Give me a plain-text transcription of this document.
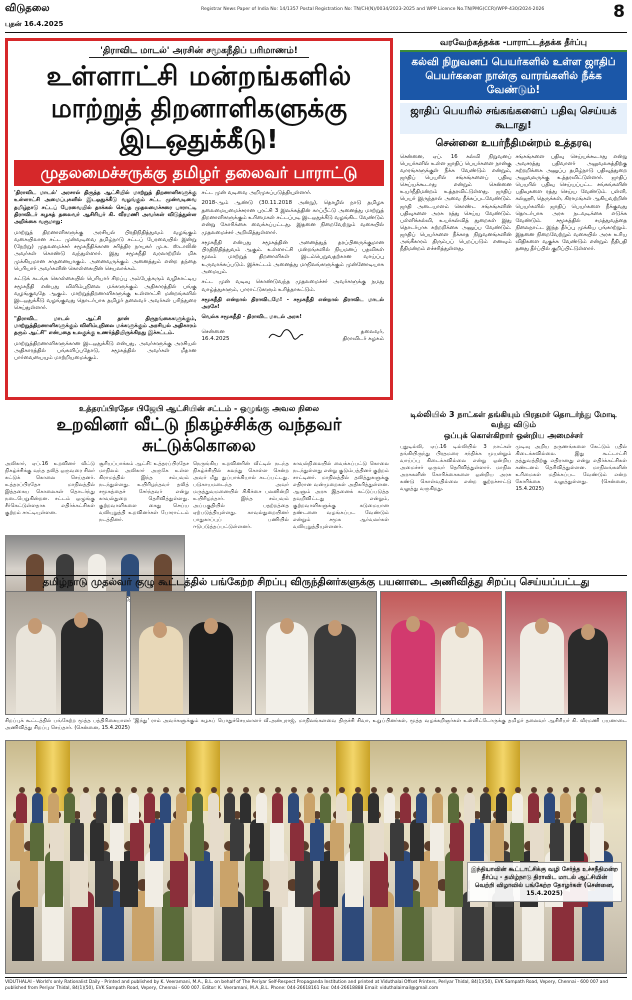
விடுதலை
புதன் 16.4.2025
Registrar News Paper of India No: 14/1357 Postal Registration No: TN/CH(N)/0034/2023-2025 and WPP Licence No.TN/PMG(CCR)/WPP-430/2024-2026	8
'திராவிட மாடல்' அரசின் சமூகநீதிப் பரிமாணம்!
உள்ளாட்சி மன்றங்களில்
மாற்றுத் திறனாளிகளுக்கு இடஒதுக்கீடு!
முதலமைச்சருக்கு தமிழர் தலைவர் பாராட்டு

'திராவிட மாடல்' அரசால் திருத்த ஆட்சியில் மாற்றுத் திறனாளிகளுக்கு உள்ளாட்சி அமைப்புகளில் இடஒதுக்கீடு வழங்கும் சட்ட முன்வடிவை தமிழ்நாடு சட்டப் பேரவையில் தாக்கல் செய்த முதலமைச்சரை பாராட்டி திராவிடர் கழகத் தலைவர் ஆசிரியர் கி. வீரமணி அவர்கள் விடுத்துள்ள அறிக்கை வருமாறு:

மாற்றுத் திறனாளிகளுக்கு அரசியல் பிரதிநிதித்துவம் வழங்கும் வகையிலான சட்ட முன்வடிவை தமிழ்நாடு சட்டப் பேரவையில் இன்று (நேற்று) முதலமைச்சர் சமூகநீதிக்கான சரித்திர நாயகர் மு.க. ஸ்டாலின் அவர்கள் கொண்டு வந்துள்ளார். இது சமூகநீதி வரலாற்றில் மிக முக்கியமான சாதனையாகும். அனைவருக்கும் அனைத்தும் என்ற தந்தை பெரியார் அவர்களின் கொள்கையின் செயலாக்கம்.

கட்டுக் கடங்க கொள்கையில் பெரியார் சிறப்பு அம்பேத்கரும் வழிகாட்டிய சமூகநீதி என்பது விளிம்புநிலை மக்களுக்கும் அதிகாரத்தில் பங்கு வழங்குவதே ஆகும். மாற்றுத்திறனாளிகளுக்கு உள்ளாட்சி மன்றங்களில் இடஒதுக்கீடு வழங்குவது தொடர்பாக தமிழர் தலைவர் அவர்கள் பரிந்துரை செய்துள்ளார்.

"திராவிட மாடல் ஆட்சி தான் திருநங்கைகளுக்கும், மாற்றுத்திறனாளிகளுக்கும் விளிம்புநிலை மக்களுக்கும் அரசியல் அதிகாரம் தரும் ஆட்சி" என்பதை உலகுக்கு உணர்த்தியிருக்கிறது இச்சட்டம்.

மாற்றுத்திறனாளிகளுக்கான இடஒதுக்கீடு என்பது, அவர்களுக்கு அரசியல் அதிகாரத்தில் பங்களிப்பதோடு, சமூகத்தில் அவர்கள் மீதான பார்வையையும் மாற்றியமைக்கும்.

சட்ட முன் வடிவை அறிமுகப்படுத்தியுள்ளார்.

2018-ஆம் ஆண்டு (30.11.2018 அன்று), தொழில் நாடு தமிழக தலைமையமைச்சரான புரட்சி 3 இலக்கத்தின் காப்பீட்டு அனைத்து மாற்றுத் திறனாளிகளுக்கும் உரிமைகள் சட்டப்படி இடஒதுக்கீடு வழங்கிட வேண்டும் என்று கோரிக்கை வைக்கப்பட்டது. இதனை நிறைவேற்றும் வகையில் முதலமைச்சர் அறிவித்துள்ளார்.

சமூகநீதி என்பது சமூகத்தின் அனைத்துத் தரப்பினருக்குமான பிரதிநிதித்துவம் ஆகும். உள்ளாட்சி மன்றங்களில் நியமனப் பதவிகள் மூலம் மாற்றுத் திறனாளிகள் இடம்பெறுவதற்கான வாய்ப்பு உருவாக்கப்படும். இச்சட்டம் அனைத்து மாநிலங்களுக்கும் முன்னோடியாக அமையும்.

சட்ட முன் வடிவு கொண்டுவந்த முதலமைச்சர் அவர்களுக்கு நமது வாழ்த்துகளும், பாராட்டுகளும் உரித்தாகட்டும்.

சமூகநீதி என்றால் திராவிடமே! - சமூகநீதி என்றால் திராவிட மாடல் அரசே!

வெல்க சமூகநீதி - திராவிட மாடல் அரசு!

சென்னை
16.4.2025
தலைவர்,
திராவிடர் கழகம்
வரவேற்கத்தக்க -பாராட்டத்தக்க தீர்ப்பு
கல்வி நிறுவனப் பெயர்களில் உள்ள ஜாதிப் பெயர்களை நான்கு வாரங்களில் நீக்க வேண்டும்!
ஜாதிப் பெயரில் சங்கங்களைப் பதிவு செய்யக் கூடாது!
சென்னை உயர்நீதிமன்றம் உத்தரவு
சென்னை, ஏப். 16 கல்வி நிறுவனப் பெயர்களில் உள்ள ஜாதிப் பெயர்களை நான்கு வாரங்களுக்குள் நீக்க வேண்டும் என்றும், ஜாதிப் பெயரில் சங்கங்களைப் பதிவு செய்யக்கூடாது என்றும் சென்னை உயர்நீதிமன்றம் உத்தரவிட்டுள்ளது. ஜாதிப் பெயர் இருந்தால் அவை நீக்கப்படவேண்டும். ஜாதி அடையாளம் கொண்ட சங்கங்களின் பதிவுகளை அரசு ரத்து செய்ய வேண்டும். பள்ளிக்கல்வி, உயர்கல்வித் துறைகள் இது தொடர்பாக சுற்றறிக்கை அனுப்ப வேண்டும். ஜாதிப் பெயர்களை நீக்காத நிறுவனங்களின் அங்கீகாரம் திரும்பப் பெறப்படும் எனவும் நீதிமன்றம் எச்சரித்துள்ளது.
சங்கங்களை பதிவு செய்யக்கூடாது என்று அவசரத்து பதிவாளர் அலுவலகத்திற்கு சுற்றறிக்கை அனுப்ப தமிழ்நாடு பதிவுத்துறை அலுவலருக்கு உத்தரவிட்டுள்ளார். ஜாதிப் பெயரில் பதிவு செய்யப்பட்ட சங்கங்களின் பதிவுகளை ரத்து செய்ய வேண்டும். பள்ளி, கல்லூரி, தெருக்கள், கிராமங்கள் ஆகியவற்றின் பெயர்களில் ஜாதிப் பெயர்களை நீக்குவது தொடர்பாக அரசு நடவடிக்கை எடுக்க வேண்டும். சமூகத்தில் சமத்துவத்தை நிலைநாட்ட இந்த தீர்ப்பு முக்கிய பங்காற்றும். இதனை நிறைவேற்றும் வகையில் அரசு உரிய விதிகளை வகுக்க வேண்டும் என்றும் நீதிபதி தனது தீர்ப்பில் குறிப்பிட்டுள்ளார்.
உத்தரப்பிரதேச பிஜேபி ஆட்சியின் சட்டம் - ஒழுங்கு அவல நிலை
உறவினர் வீட்டு நிகழ்ச்சிக்கு வந்தவர் சுட்டுக்கொலை
அலிகார், ஏப்.16 உறவினர் வீட்டு நிகழ்ச்சிக்கு வந்த தலித் ஒருவரை சிலர் சுட்டுக் கொலை செய்தனர். உத்தரப்பிரதேச மாநிலத்தில் இத்தகைய கொலைகள் தொடர்ந்து நடைபெறுகின்றன. சட்டம் ஒழுங்கு சீர்கெட்டுள்ளதாக எதிர்க்கட்சிகள் குற்றம் சாட்டியுள்ளன.
சூரியப்பாக்கம் ஆட்சி: உத்தரப்பிரதேச மாநிலம் அலிகார் அருகே உள்ள கிராமத்தில் இந்த சம்பவம் நடந்துள்ளது. உயிரிழந்தவர் தலித் சமூகத்தைச் சேர்ந்தவர் என்று காவல்துறை தெரிவித்துள்ளது. குற்றவாளிகளை கைது செய்ய வலியுறுத்தி உறவினர்கள் போராட்டம் நடத்தினர்.
நெருங்கிய உறவினரின் வீட்டில் நடந்த நிகழ்ச்சியில் கலந்து கொள்ள சென்ற அவர் மீது துப்பாக்கியால் சுடப்பட்டது. படுகாயமடைந்த அவர் மருத்துவமனையில் சிகிச்சை பலனின்றி உயிரிழந்தார். இந்த சம்பவம் அப்பகுதியில் பதற்றத்தை ஏற்படுத்தியுள்ளது. காவல்துறையினர் பாதுகாப்புப் பணியில் ஈடுபடுத்தப்பட்டுள்ளனர்.
காவல்நிலையில் வைக்கப்பட்டு கொலை நடந்துள்ளது என்று குடும்பத்தினர் குற்றம் சாட்டினர். மாநிலத்தில் தலித்துகளுக்கு எதிரான வன்முறைகள் அதிகரித்துள்ளன. ஆளும் அரசு இதனைக் கட்டுப்படுத்த தவறிவிட்டது என்றும், குற்றவாளிகளுக்கு கடுமையான தண்டனை வழங்கப்பட வேண்டும் என்றும் சமூக ஆர்வலர்கள் வலியுறுத்தியுள்ளனர்.
டில்லியில் 3 நாட்கள் தங்கியும் பிரதமர் தொடர்ந்து மோடி வந்து விடும்
ஒப்புக் கொள்கிறார் ஒன்றிய அமைச்சர்
புதுடில்லி, ஏப்.16 டில்லியில் 3 நாட்கள் தங்கியிருந்து பிரதமரை சந்திக்க முயன்றும் வாய்ப்பு கிடைக்கவில்லை என்று ஒன்றிய அமைச்சர் ஒருவர் தெரிவித்துள்ளார். மாநில அரசுகளின் கோரிக்கைகளை ஒன்றிய அரசு கண்டு கொள்வதில்லை என்ற குற்றச்சாட்டு வலுத்து வருகிறது.
முடிவு அறிய தருணங்களை கேட்டும் பதில் கிடைக்கவில்லை. இது கூட்டாட்சி தத்துவத்திற்கு எதிரானது என்று எதிர்க்கட்சிகள் கண்டனம் தெரிவித்துள்ளன. மாநிலங்களின் உரிமைகள் மதிக்கப்பட வேண்டும் என்ற கோரிக்கை வலுத்துள்ளது. (சென்னை, 15.4.2025)
தமிழ்நாடு முதல்வர் குழு கூட்டத்தில் பங்கேற்ற சிறப்பு விருந்தினர்களுக்கு பயனாடை அணிவித்து சிறப்பு செய்யப்பட்டது
சிறப்புக் கூட்டத்தில் பங்கேற்ற மூத்த பத்திரிகையாளர் 'இந்து' ராம் அவர்களுக்கும் கழகப் பொதுச்செயலாளர் வீ.அன்புராஜ், மாநிலங்களவை திருச்சி சிவா, உறுப்பினர்கள், மூத்த வழக்கறிஞர்கள் உள்ளிட்டோருக்கு தமிழர் தலைவர் ஆசிரியர் கி. வீரமணி பயனாடை அணிவித்து சிறப்பு செய்தார். (சென்னை, 15.4.2025)
இந்தியாவின் கூட்டாட்சிக்கு வழி சேர்த்த உச்சநீதிமன்ற தீர்ப்பு - தமிழ்நாடு திராவிட மாடல் ஆட்சியின் வெற்றி விழாவில் பங்கேற்ற தோழர்கள் (சென்னை, 15.4.2025)
VIDUTHALAI - World's only Rationalist Daily - Printed and published by K. Veeramani, M.A., B.L. on behalf of The Periyar Self-Respect Propaganda Institution and printed at Viduthalai Offset Printers, Periyar Thidal, 84(1)(50), EVK Sampath Road, Vepery, Chennai - 600 007 and published from Periyar Thidal, 84(1)(50), EVK Sampath Road, Vepery, Chennai - 600 007. Editor: K. Veeramani, M.A.,B.L. Phone: 044-26618161 Fax: 044-26618888 Email: viduthalaimail@gmail.com
